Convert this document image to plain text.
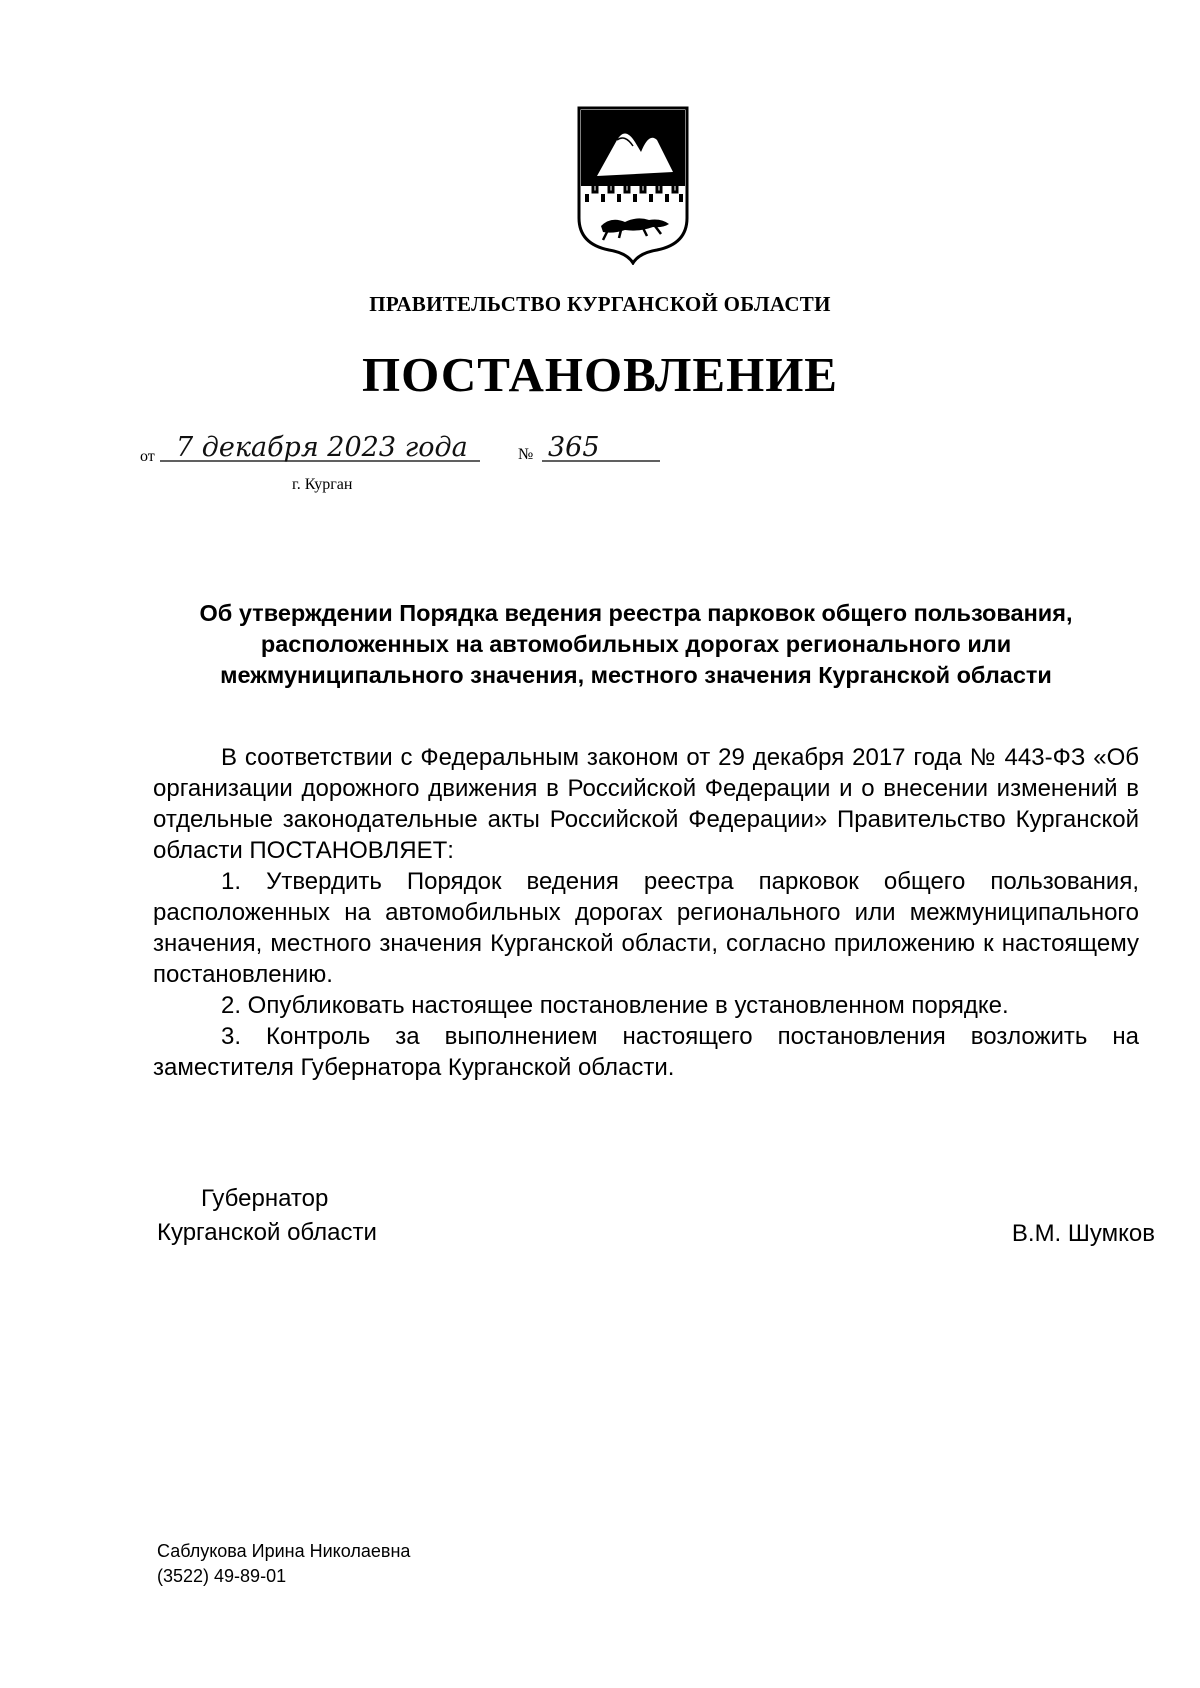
ПРАВИТЕЛЬСТВО КУРГАНСКОЙ ОБЛАСТИ
ПОСТАНОВЛЕНИЕ
от 7 декабря 2023 года	№ 365
г. Курган
Об утверждении Порядка ведения реестра парковок общего пользования, расположенных на автомобильных дорогах регионального или межмуниципального значения, местного значения Курганской области

В соответствии с Федеральным законом от 29 декабря 2017 года № 443-ФЗ «Об организации дорожного движения в Российской Федерации и о внесении изменений в отдельные законодательные акты Российской Федерации» Правительство Курганской области ПОСТАНОВЛЯЕТ:

1. Утвердить Порядок ведения реестра парковок общего пользования, расположенных на автомобильных дорогах регионального или межмуниципального значения, местного значения Курганской области, согласно приложению к настоящему постановлению.

2. Опубликовать настоящее постановление в установленном порядке.

3. Контроль за выполнением настоящего постановления возложить на заместителя Губернатора Курганской области.

Губернатор
Курганской области	В.М. Шумков
Саблукова Ирина Николаевна
(3522) 49-89-01
